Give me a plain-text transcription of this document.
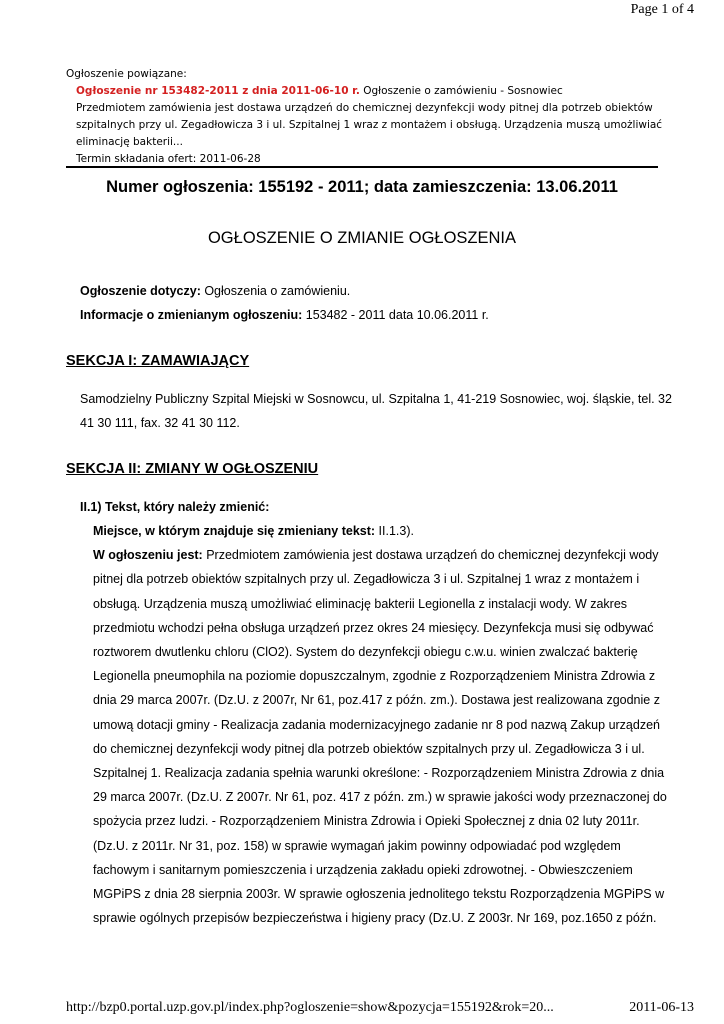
Page 1 of 4
Ogłoszenie powiązane:
Ogłoszenie nr 153482-2011 z dnia 2011-06-10 r. Ogłoszenie o zamówieniu - Sosnowiec
Przedmiotem zamówienia jest dostawa urządzeń do chemicznej dezynfekcji wody pitnej dla potrzeb obiektów
szpitalnych przy ul. Zegadłowicza 3 i ul. Szpitalnej 1 wraz z montażem i obsługą. Urządzenia muszą umożliwiać
eliminację bakterii...
Termin składania ofert: 2011-06-28
Numer ogłoszenia: 155192 - 2011; data zamieszczenia: 13.06.2011
OGŁOSZENIE O ZMIANIE OGŁOSZENIA
Ogłoszenie dotyczy: Ogłoszenia o zamówieniu.
Informacje o zmienianym ogłoszeniu: 153482 - 2011 data 10.06.2011 r.
SEKCJA I: ZAMAWIAJĄCY
Samodzielny Publiczny Szpital Miejski w Sosnowcu, ul. Szpitalna 1, 41-219 Sosnowiec, woj. śląskie, tel. 32
41 30 111, fax. 32 41 30 112.
SEKCJA II: ZMIANY W OGŁOSZENIU
II.1) Tekst, który należy zmienić:
Miejsce, w którym znajduje się zmieniany tekst: II.1.3).
W ogłoszeniu jest: Przedmiotem zamówienia jest dostawa urządzeń do chemicznej dezynfekcji wody
pitnej dla potrzeb obiektów szpitalnych przy ul. Zegadłowicza 3 i ul. Szpitalnej 1 wraz z montażem i
obsługą. Urządzenia muszą umożliwiać eliminację bakterii Legionella z instalacji wody. W zakres
przedmiotu wchodzi pełna obsługa urządzeń przez okres 24 miesięcy. Dezynfekcja musi się odbywać
roztworem dwutlenku chloru (ClO2). System do dezynfekcji obiegu c.w.u. winien zwalczać bakterię
Legionella pneumophila na poziomie dopuszczalnym, zgodnie z Rozporządzeniem Ministra Zdrowia z
dnia 29 marca 2007r. (Dz.U. z 2007r, Nr 61, poz.417 z późn. zm.). Dostawa jest realizowana zgodnie z
umową dotacji gminy - Realizacja zadania modernizacyjnego zadanie nr 8 pod nazwą Zakup urządzeń
do chemicznej dezynfekcji wody pitnej dla potrzeb obiektów szpitalnych przy ul. Zegadłowicza 3 i ul.
Szpitalnej 1. Realizacja zadania spełnia warunki określone: - Rozporządzeniem Ministra Zdrowia z dnia
29 marca 2007r. (Dz.U. Z 2007r. Nr 61, poz. 417 z późn. zm.) w sprawie jakości wody przeznaczonej do
spożycia przez ludzi. - Rozporządzeniem Ministra Zdrowia i Opieki Społecznej z dnia 02 luty 2011r.
(Dz.U. z 2011r. Nr 31, poz. 158) w sprawie wymagań jakim powinny odpowiadać pod względem
fachowym i sanitarnym pomieszczenia i urządzenia zakładu opieki zdrowotnej. - Obwieszczeniem
MGPiPS z dnia 28 sierpnia 2003r. W sprawie ogłoszenia jednolitego tekstu Rozporządzenia MGPiPS w
sprawie ogólnych przepisów bezpieczeństwa i higieny pracy (Dz.U. Z 2003r. Nr 169, poz.1650 z późn.
http://bzp0.portal.uzp.gov.pl/index.php?ogloszenie=show&pozycja=155192&rok=20...	2011-06-13
